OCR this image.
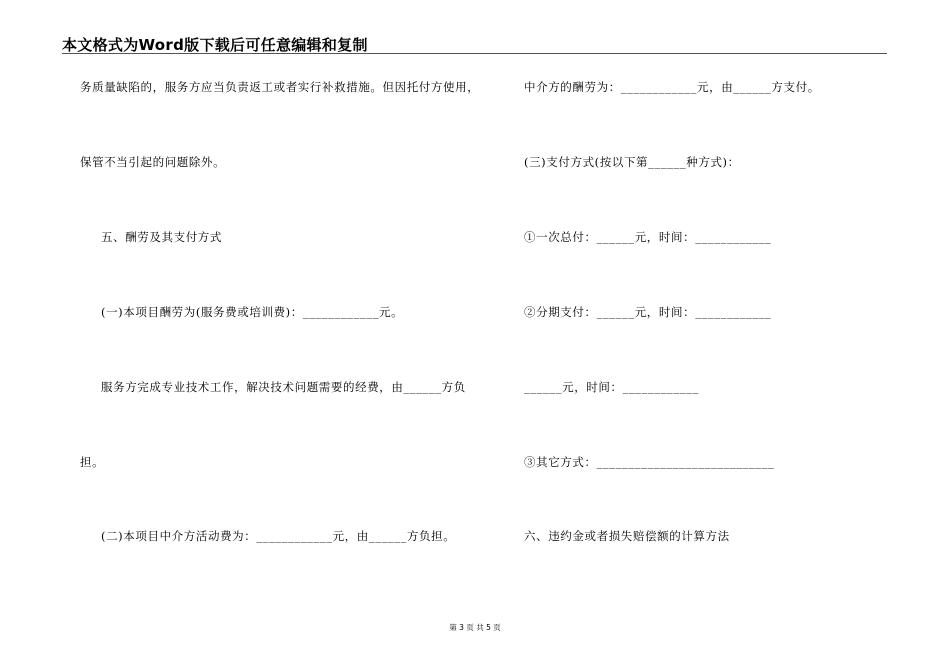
本文格式为Word版下载后可任意编辑和复制
务质量缺陷的，服务方应当负责返工或者实行补救措施。但因托付方使用，
保管不当引起的问题除外。
五、酬劳及其支付方式
(一)本项目酬劳为(服务费或培训费)：____________元。
服务方完成专业技术工作，解决技术问题需要的经费，由______方负
担。
(二)本项目中介方活动费为：____________元，由______方负担。
中介方的酬劳为：____________元，由______方支付。
(三)支付方式(按以下第______种方式)：
①一次总付：______元，时间：____________
②分期支付：______元，时间：____________
______元，时间：____________
③其它方式：____________________________
六、违约金或者损失赔偿额的计算方法
第 3 页 共 5 页
